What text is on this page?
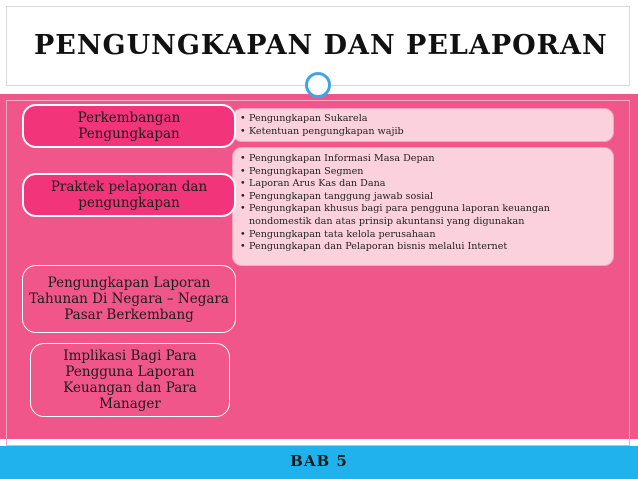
PENGUNGKAPAN DAN PELAPORAN
• Pengungkapan Sukarela
• Ketentuan pengungkapan wajib
Perkembangan Pengungkapan
• Pengungkapan Informasi Masa Depan
• Pengungkapan Segmen
• Laporan Arus Kas dan Dana
• Pengungkapan tanggung jawab sosial
• Pengungkapan khusus bagi para pengguna laporan keuangan nondomestik dan atas prinsip akuntansi yang digunakan
• Pengungkapan tata kelola perusahaan
• Pengungkapan dan Pelaporan bisnis melalui Internet
Praktek pelaporan dan pengungkapan
Pengungkapan Laporan Tahunan Di Negara – Negara Pasar Berkembang
Implikasi Bagi Para Pengguna Laporan Keuangan dan Para Manager
BAB 5
